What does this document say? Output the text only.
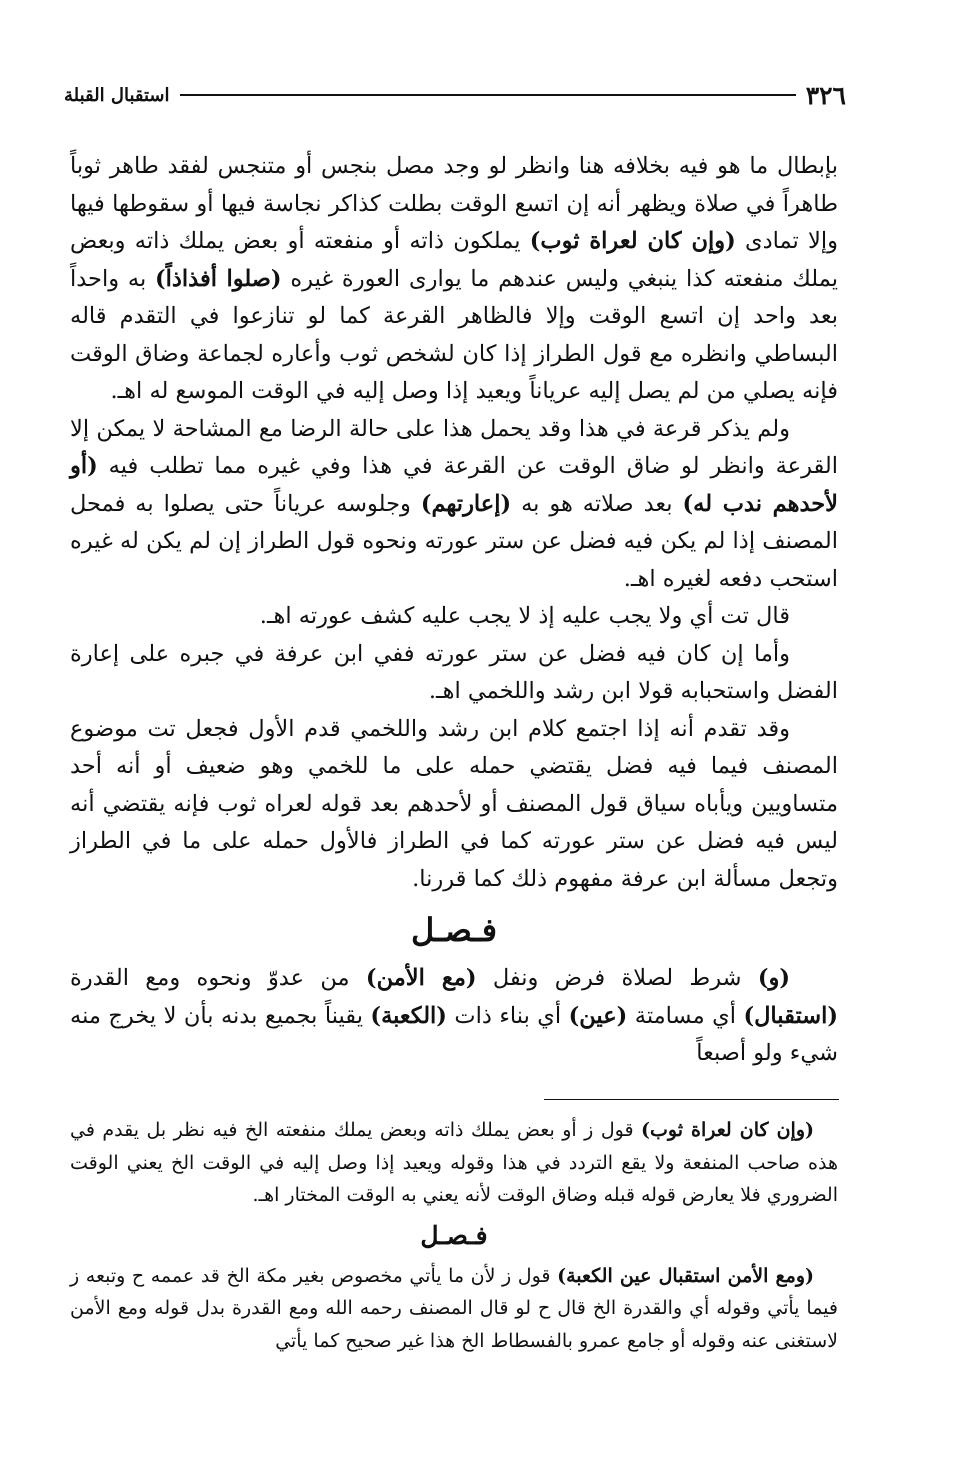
٣٢٦
استقبال القبلة

بإبطال ما هو فيه بخلافه هنا وانظر لو وجد مصل بنجس أو متنجس لفقد طاهر ثوباً طاهراً في صلاة ويظهر أنه إن اتسع الوقت بطلت كذاكر نجاسة فيها أو سقوطها فيها وإلا تمادى (وإن كان لعراة ثوب) يملكون ذاته أو منفعته أو بعض يملك ذاته وبعض يملك منفعته كذا ينبغي وليس عندهم ما يوارى العورة غيره (صلوا أفذاذاً) به واحداً بعد واحد إن اتسع الوقت وإلا فالظاهر القرعة كما لو تنازعوا في التقدم قاله البساطي وانظره مع قول الطراز إذا كان لشخص ثوب وأعاره لجماعة وضاق الوقت فإنه يصلي من لم يصل إليه عرياناً ويعيد إذا وصل إليه في الوقت الموسع له اهـ.

ولم يذكر قرعة في هذا وقد يحمل هذا على حالة الرضا مع المشاحة لا يمكن إلا القرعة وانظر لو ضاق الوقت عن القرعة في هذا وفي غيره مما تطلب فيه (أو لأحدهم ندب له) بعد صلاته هو به (إعارتهم) وجلوسه عرياناً حتى يصلوا به فمحل المصنف إذا لم يكن فيه فضل عن ستر عورته ونحوه قول الطراز إن لم يكن له غيره استحب دفعه لغيره اهـ.

قال تت أي ولا يجب عليه إذ لا يجب عليه كشف عورته اهـ.

وأما إن كان فيه فضل عن ستر عورته ففي ابن عرفة في جبره على إعارة الفضل واستحبابه قولا ابن رشد واللخمي اهـ.

وقد تقدم أنه إذا اجتمع كلام ابن رشد واللخمي قدم الأول فجعل تت موضوع المصنف فيما فيه فضل يقتضي حمله على ما للخمي وهو ضعيف أو أنه أحد متساويين ويأباه سياق قول المصنف أو لأحدهم بعد قوله لعراه ثوب فإنه يقتضي أنه ليس فيه فضل عن ستر عورته كما في الطراز فالأول حمله على ما في الطراز وتجعل مسألة ابن عرفة مفهوم ذلك كما قررنا.

فـصـل

(و) شرط لصلاة فرض ونفل (مع الأمن) من عدوّ ونحوه ومع القدرة (استقبال) أي مسامتة (عين) أي بناء ذات (الكعبة) يقيناً بجميع بدنه بأن لا يخرج منه شيء ولو أصبعاً

(وإن كان لعراة ثوب) قول ز أو بعض يملك ذاته وبعض يملك منفعته الخ فيه نظر بل يقدم في هذه صاحب المنفعة ولا يقع التردد في هذا وقوله ويعيد إذا وصل إليه في الوقت الخ يعني الوقت الضروري فلا يعارض قوله قبله وضاق الوقت لأنه يعني به الوقت المختار اهـ.

فـصـل

(ومع الأمن استقبال عين الكعبة) قول ز لأن ما يأتي مخصوص بغير مكة الخ قد عممه ح وتبعه ز فيما يأتي وقوله أي والقدرة الخ قال ح لو قال المصنف رحمه الله ومع القدرة بدل قوله ومع الأمن لاستغنى عنه وقوله أو جامع عمرو بالفسطاط الخ هذا غير صحيح كما يأتي
